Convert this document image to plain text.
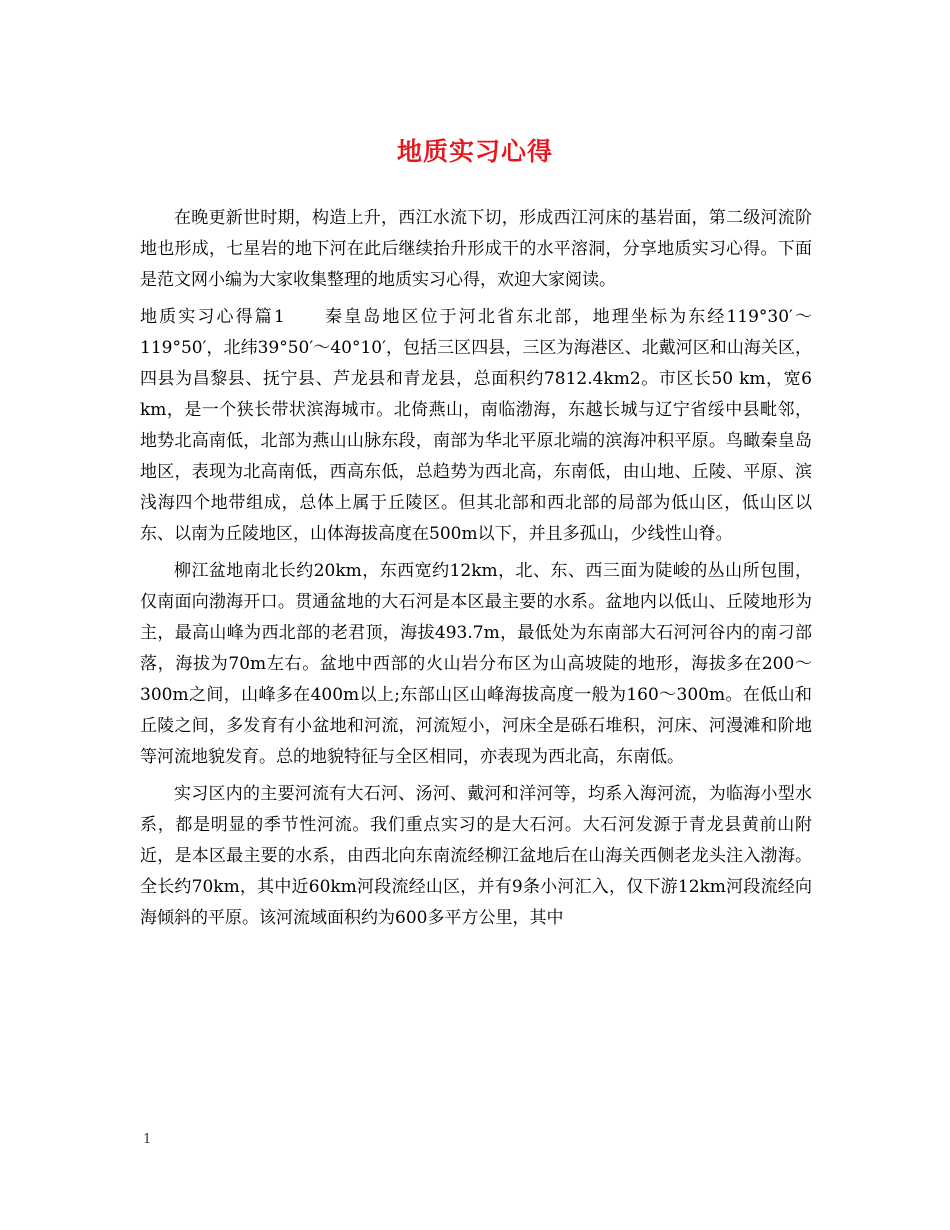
地质实习心得

在晚更新世时期，构造上升，西江水流下切，形成西江河床的基岩面，第二级河流阶地也形成，七星岩的地下河在此后继续抬升形成干的水平溶洞，分享地质实习心得。下面是范文网小编为大家收集整理的地质实习心得，欢迎大家阅读。

地质实习心得篇1　　秦皇岛地区位于河北省东北部，地理坐标为东经119°30′～119°50′，北纬39°50′～40°10′，包括三区四县，三区为海港区、北戴河区和山海关区，四县为昌黎县、抚宁县、芦龙县和青龙县，总面积约7812.4km2。市区长50 km，宽6 km，是一个狭长带状滨海城市。北倚燕山，南临渤海，东越长城与辽宁省绥中县毗邻，地势北高南低，北部为燕山山脉东段，南部为华北平原北端的滨海冲积平原。鸟瞰秦皇岛地区，表现为北高南低，西高东低，总趋势为西北高，东南低，由山地、丘陵、平原、滨浅海四个地带组成，总体上属于丘陵区。但其北部和西北部的局部为低山区，低山区以东、以南为丘陵地区，山体海拔高度在500m以下，并且多孤山，少线性山脊。

柳江盆地南北长约20km，东西宽约12km，北、东、西三面为陡峻的丛山所包围，仅南面向渤海开口。贯通盆地的大石河是本区最主要的水系。盆地内以低山、丘陵地形为主，最高山峰为西北部的老君顶，海拔493.7m，最低处为东南部大石河河谷内的南刁部落，海拔为70m左右。盆地中西部的火山岩分布区为山高坡陡的地形，海拔多在200～300m之间，山峰多在400m以上;东部山区山峰海拔高度一般为160～300m。在低山和丘陵之间，多发育有小盆地和河流，河流短小，河床全是砾石堆积，河床、河漫滩和阶地等河流地貌发育。总的地貌特征与全区相同，亦表现为西北高，东南低。

实习区内的主要河流有大石河、汤河、戴河和洋河等，均系入海河流，为临海小型水系，都是明显的季节性河流。我们重点实习的是大石河。大石河发源于青龙县黄前山附近，是本区最主要的水系，由西北向东南流经柳江盆地后在山海关西侧老龙头注入渤海。全长约70km，其中近60km河段流经山区，并有9条小河汇入，仅下游12km河段流经向海倾斜的平原。该河流域面积约为600多平方公里，其中

1
